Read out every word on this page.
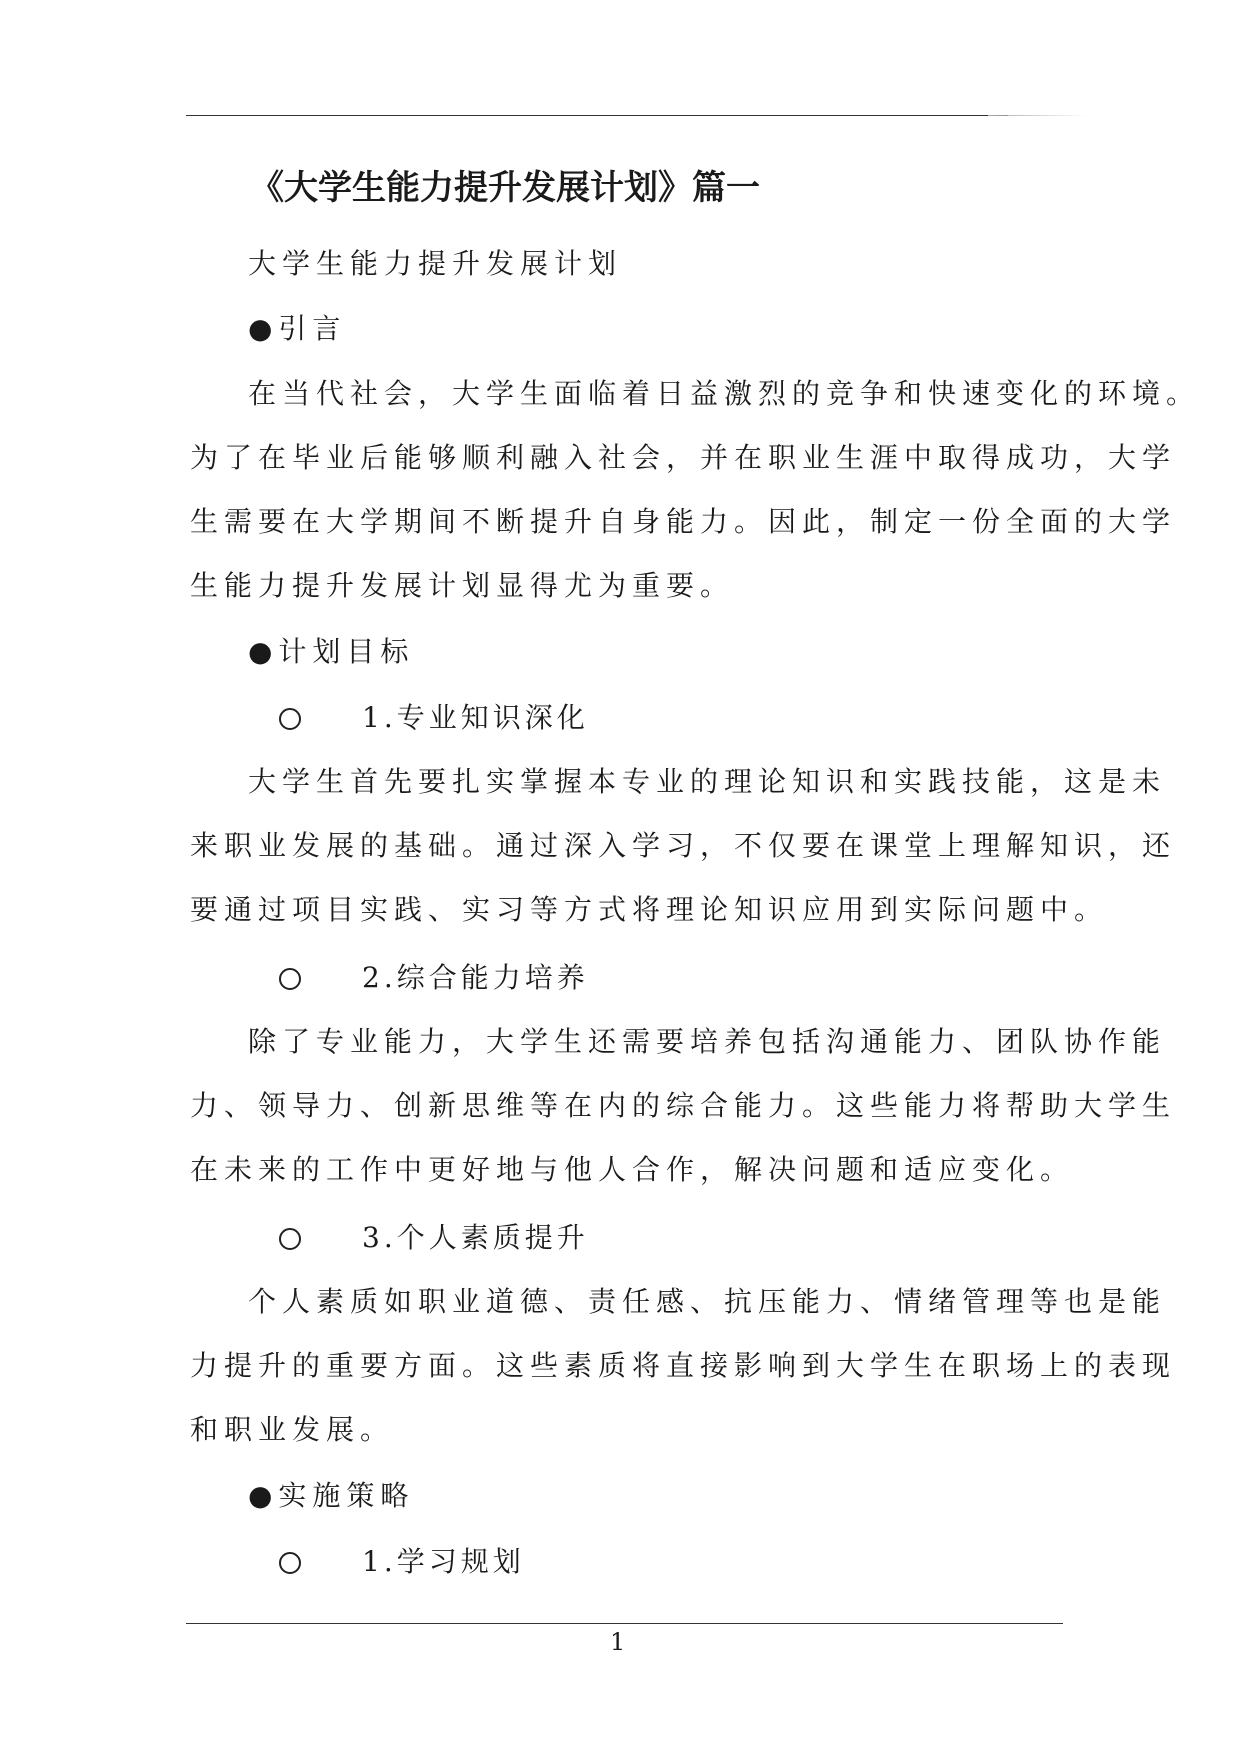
《大学生能力提升发展计划》篇一
大学生能力提升发展计划
●引言
在当代社会，大学生面临着日益激烈的竞争和快速变化的环境。
为了在毕业后能够顺利融入社会，并在职业生涯中取得成功，大学
生需要在大学期间不断提升自身能力。因此，制定一份全面的大学
生能力提升发展计划显得尤为重要。
●计划目标
1.专业知识深化
大学生首先要扎实掌握本专业的理论知识和实践技能，这是未
来职业发展的基础。通过深入学习，不仅要在课堂上理解知识，还
要通过项目实践、实习等方式将理论知识应用到实际问题中。
2.综合能力培养
除了专业能力，大学生还需要培养包括沟通能力、团队协作能
力、领导力、创新思维等在内的综合能力。这些能力将帮助大学生
在未来的工作中更好地与他人合作，解决问题和适应变化。
3.个人素质提升
个人素质如职业道德、责任感、抗压能力、情绪管理等也是能
力提升的重要方面。这些素质将直接影响到大学生在职场上的表现
和职业发展。
●实施策略
1.学习规划
1
